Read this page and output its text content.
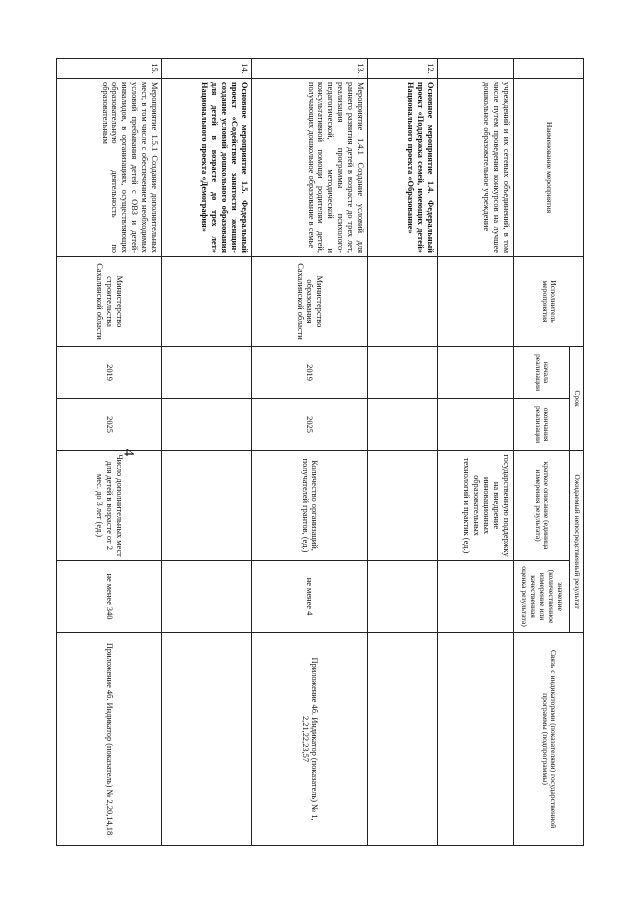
4
	Наименование мероприятия	Исполнитель мероприятия	Срок		Ожидаемый непосредственный результат		Связь с индикаторами (показателями) государственной программы (подпрограммы)
			начала реализации	окончания реализации	краткое описание (единица измерения результата)	значение (количественное измерение или качественная оценка результата)	
	учреждений и их сетевых объединений, в том числе путем проведения конкурсов на лучшее дошкольное образовательное учреждение				государственную поддержку на внедрение инновационных образовательных технологий и практик (ед.)		
12.	Основное мероприятие 1.4. Федеральный проект «Поддержка семей, имеющих детей» Национального проекта «Образование»						
13.	Мероприятие 1.4.1 Создание условий для раннего развития детей в возрасте до трех лет, реализация программы психолого-педагогической, методической и консультативной помощи родителям детей, получающих дошкольное образование в семье	Министерство образования Сахалинской области	2019	2025	Количество организаций, получателей грантов, (ед.)	не менее 4	Приложение 4б. Индикатор (показатель) № 1, 2,21,22,23,57
14.	Основное мероприятие 1.5. Федеральный проект «Содействие занятости женщин-создание условий дошкольного образования для детей в возрасте до трех лет» Национального проекта «Демография»						
15.	Мероприятие 1.5.1 Создание дополнительных мест, в том числе с обеспечением необходимых условий пребывания детей с ОВЗ и детей-инвалидов, в организациях, осуществляющих образовательную деятельность по образовательным	Министерство строительства Сахалинской области	2019	2025	Число дополнительных мест для детей в возрасте от 2 мес. до 3 лет (ед.)	не менее 340	Приложение 4б. Индикатор (показатель) № 2,20,14,18
